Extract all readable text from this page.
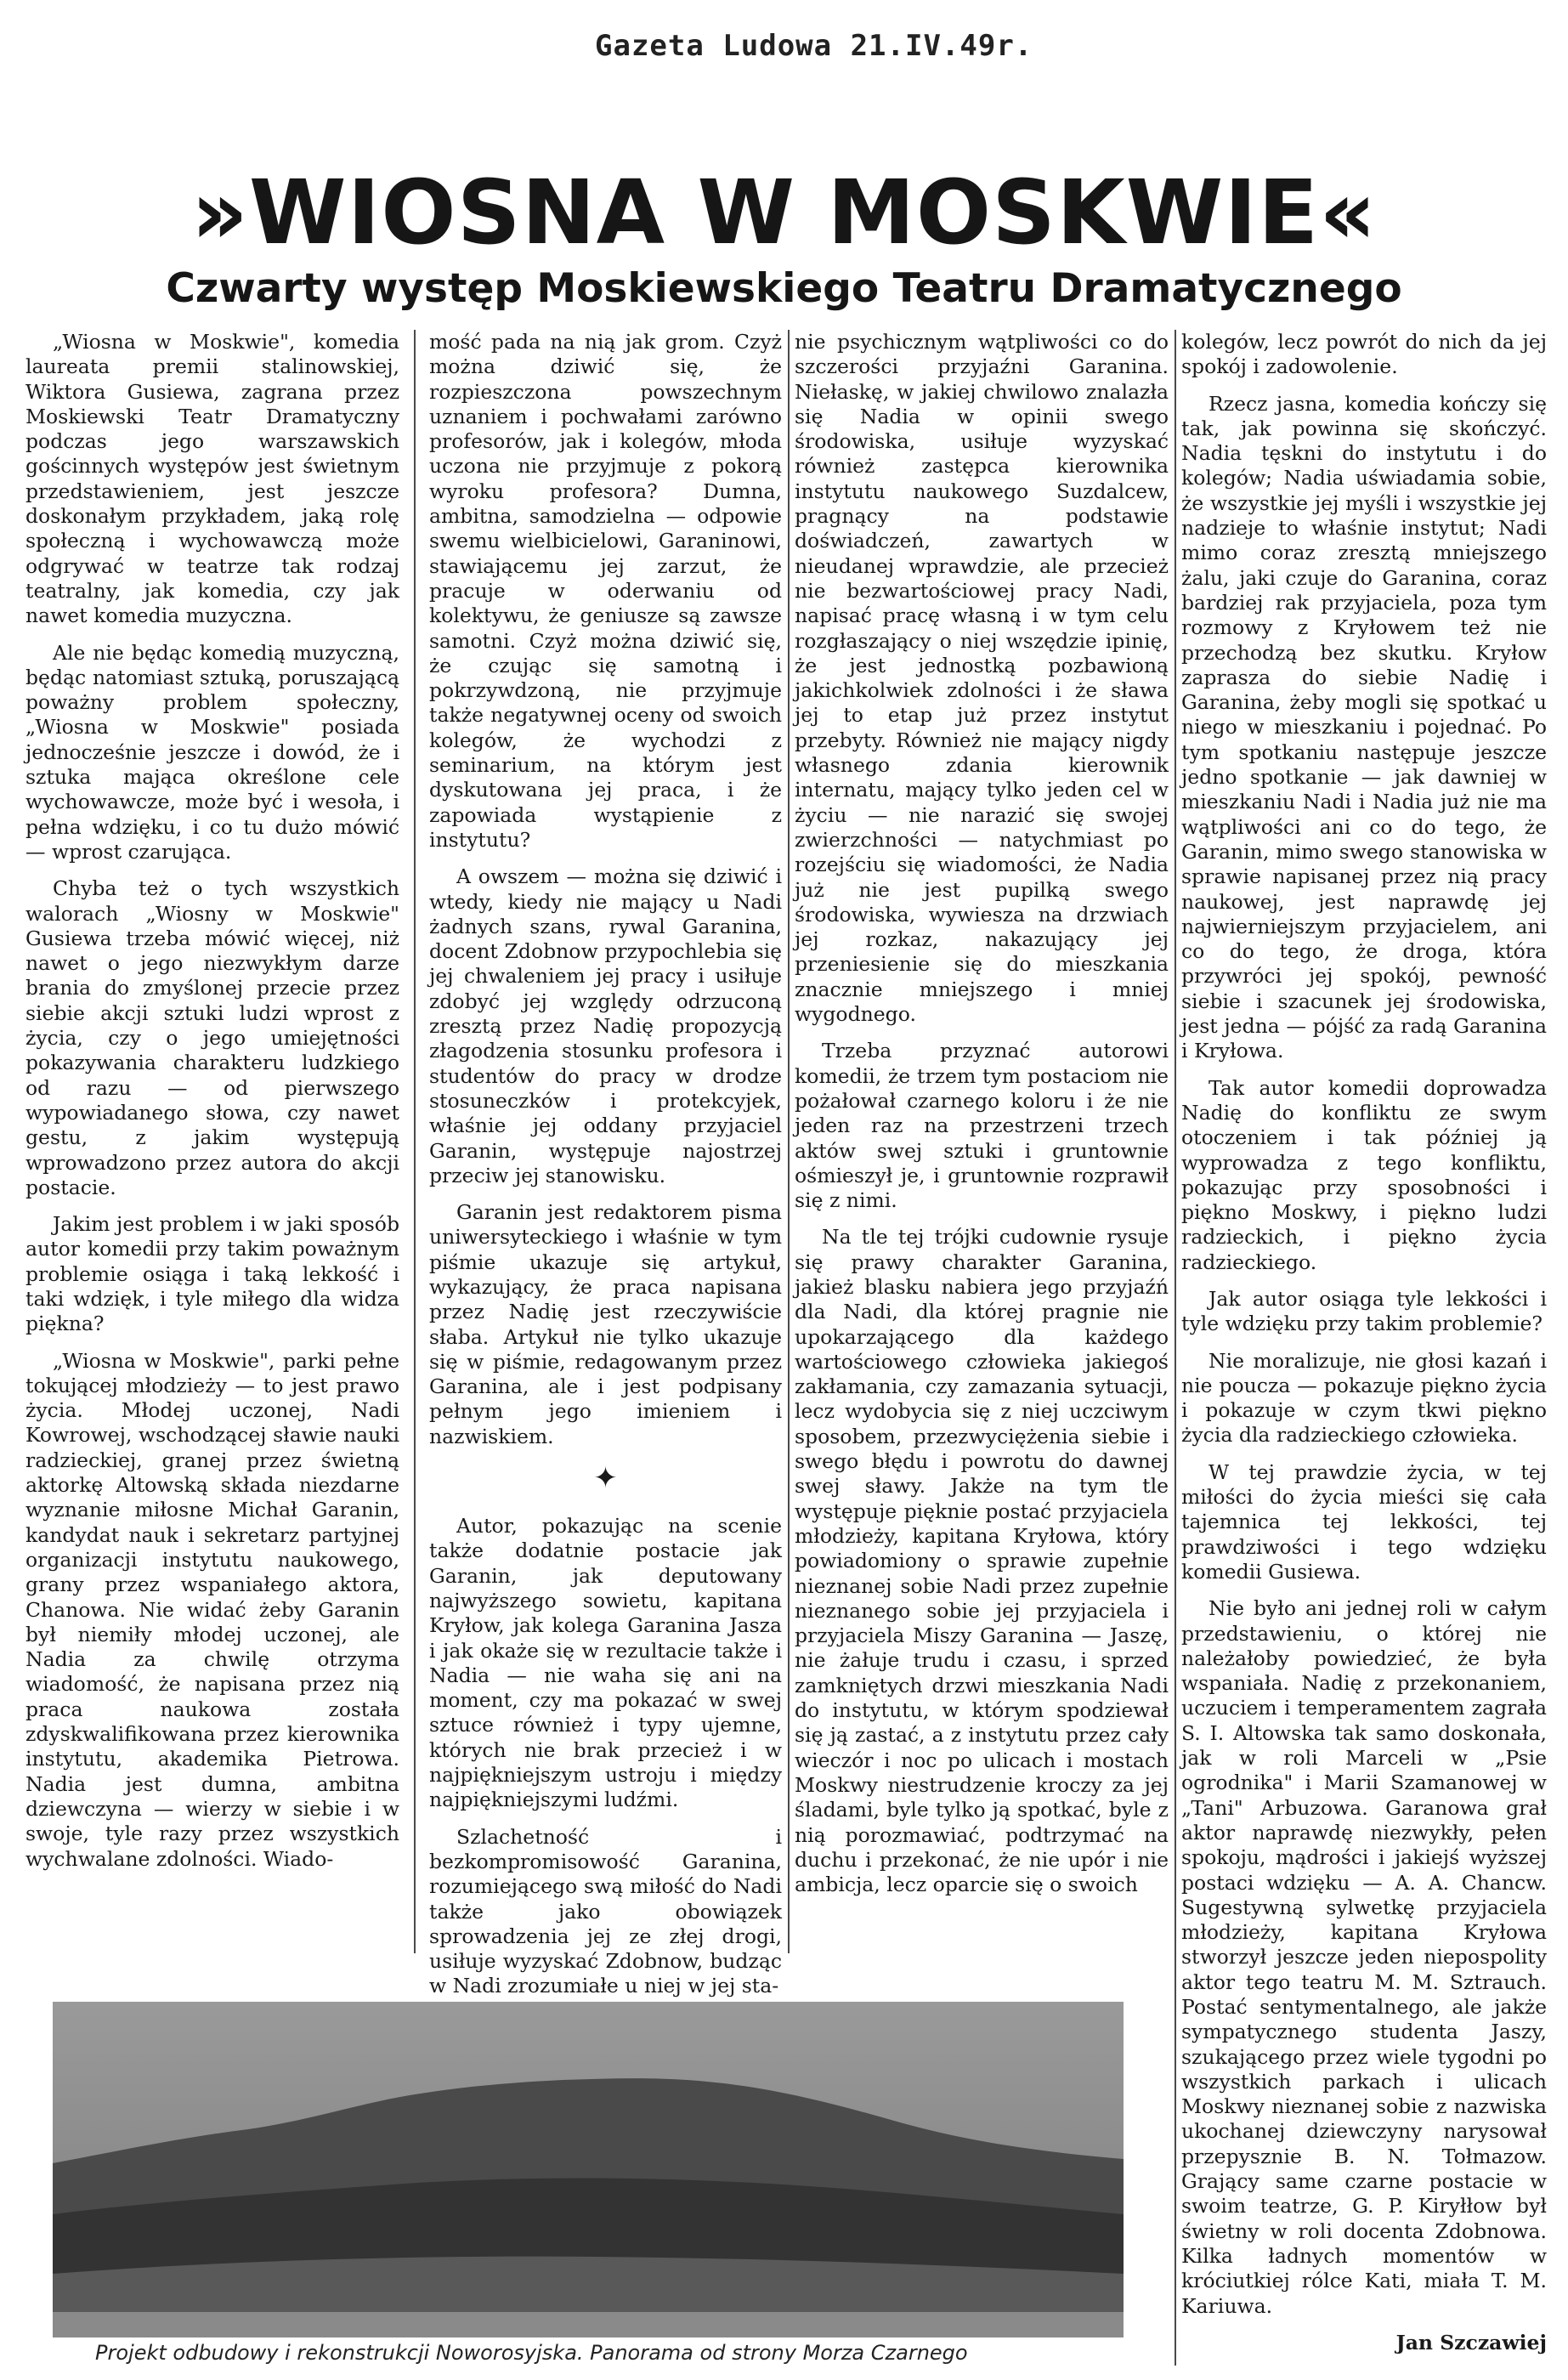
Gazeta Ludowa 21.IV.49r.
»WIOSNA W MOSKWIE«
Czwarty występ Moskiewskiego Teatru Dramatycznego

„Wiosna w Moskwie", komedia laureata premii stalinowskiej, Wiktora Gusiewa, zagrana przez Moskiewski Teatr Dramatyczny podczas jego warszawskich gościnnych występów jest świetnym przedstawieniem, jest jeszcze doskonałym przykładem, jaką rolę społeczną i wychowawczą może odgrywać w teatrze tak rodzaj teatralny, jak komedia, czy jak nawet komedia muzyczna.

Ale nie będąc komedią muzyczną, będąc natomiast sztuką, poruszającą poważny problem społeczny, „Wiosna w Moskwie" posiada jednocześnie jeszcze i dowód, że i sztuka mająca określone cele wychowawcze, może być i wesoła, i pełna wdzięku, i co tu dużo mówić — wprost czarująca.

Chyba też o tych wszystkich walorach „Wiosny w Moskwie" Gusiewa trzeba mówić więcej, niż nawet o jego niezwykłym darze brania do zmyślonej przecie przez siebie akcji sztuki ludzi wprost z życia, czy o jego umiejętności pokazywania charakteru ludzkiego od razu — od pierwszego wypowiadanego słowa, czy nawet gestu, z jakim występują wprowadzono przez autora do akcji postacie.

Jakim jest problem i w jaki sposób autor komedii przy takim poważnym problemie osiąga i taką lekkość i taki wdzięk, i tyle miłego dla widza piękna?

„Wiosna w Moskwie", parki pełne tokującej młodzieży — to jest prawo życia. Młodej uczonej, Nadi Kowrowej, wschodzącej sławie nauki radzieckiej, granej przez świetną aktorkę Altowską składa niezdarne wyznanie miłosne Michał Garanin, kandydat nauk i sekretarz partyjnej organizacji instytutu naukowego, grany przez wspaniałego aktora, Chanowa. Nie widać żeby Garanin był niemiły młodej uczonej, ale Nadia za chwilę otrzyma wiadomość, że napisana przez nią praca naukowa została zdyskwalifikowana przez kierownika instytutu, akademika Pietrowa. Nadia jest dumna, ambitna dziewczyna — wierzy w siebie i w swoje, tyle razy przez wszystkich wychwalane zdolności. Wiado-

mość pada na nią jak grom. Czyż można dziwić się, że rozpieszczona powszechnym uznaniem i pochwałami zarówno profesorów, jak i kolegów, młoda uczona nie przyjmuje z pokorą wyroku profesora? Dumna, ambitna, samodzielna — odpowie swemu wielbicielowi, Garaninowi, stawiającemu jej zarzut, że pracuje w oderwaniu od kolektywu, że geniusze są zawsze samotni. Czyż można dziwić się, że czując się samotną i pokrzywdzoną, nie przyjmuje także negatywnej oceny od swoich kolegów, że wychodzi z seminarium, na którym jest dyskutowana jej praca, i że zapowiada wystąpienie z instytutu?

A owszem — można się dziwić i wtedy, kiedy nie mający u Nadi żadnych szans, rywal Garanina, docent Zdobnow przypochlebia się jej chwaleniem jej pracy i usiłuje zdobyć jej względy odrzuconą zresztą przez Nadię propozycją złagodzenia stosunku profesora i studentów do pracy w drodze stosuneczków i protekcyjek, właśnie jej oddany przyjaciel Garanin, występuje najostrzej przeciw jej stanowisku.

Garanin jest redaktorem pisma uniwersyteckiego i właśnie w tym piśmie ukazuje się artykuł, wykazujący, że praca napisana przez Nadię jest rzeczywiście słaba. Artykuł nie tylko ukazuje się w piśmie, redagowanym przez Garanina, ale i jest podpisany pełnym jego imieniem i nazwiskiem.

✦

Autor, pokazując na scenie także dodatnie postacie jak Garanin, jak deputowany najwyższego sowietu, kapitana Kryłow, jak kolega Garanina Jasza i jak okaże się w rezultacie także i Nadia — nie waha się ani na moment, czy ma pokazać w swej sztuce również i typy ujemne, których nie brak przecież i w najpiękniejszym ustroju i między najpiękniejszymi ludźmi.

Szlachetność i bezkompromisowość Garanina, rozumiejącego swą miłość do Nadi także jako obowiązek sprowadzenia jej ze złej drogi, usiłuje wyzyskać Zdobnow, budząc w Nadi zrozumiałe u niej w jej sta-

nie psychicznym wątpliwości co do szczerości przyjaźni Garanina. Niełaskę, w jakiej chwilowo znalazła się Nadia w opinii swego środowiska, usiłuje wyzyskać również zastępca kierownika instytutu naukowego Suzdalcew, pragnący na podstawie doświadczeń, zawartych w nieudanej wprawdzie, ale przecież nie bezwartościowej pracy Nadi, napisać pracę własną i w tym celu rozgłaszający o niej wszędzie ipinię, że jest jednostką pozbawioną jakichkolwiek zdolności i że sława jej to etap już przez instytut przebyty. Również nie mający nigdy własnego zdania kierownik internatu, mający tylko jeden cel w życiu — nie narazić się swojej zwierzchności — natychmiast po rozejściu się wiadomości, że Nadia już nie jest pupilką swego środowiska, wywiesza na drzwiach jej rozkaz, nakazujący jej przeniesienie się do mieszkania znacznie mniejszego i mniej wygodnego.

Trzeba przyznać autorowi komedii, że trzem tym postaciom nie pożałował czarnego koloru i że nie jeden raz na przestrzeni trzech aktów swej sztuki i gruntownie ośmieszył je, i gruntownie rozprawił się z nimi.

Na tle tej trójki cudownie rysuje się prawy charakter Garanina, jakież blasku nabiera jego przyjaźń dla Nadi, dla której pragnie nie upokarzającego dla każdego wartościowego człowieka jakiegoś zakłamania, czy zamazania sytuacji, lecz wydobycia się z niej uczciwym sposobem, przezwyciężenia siebie i swego błędu i powrotu do dawnej swej sławy. Jakże na tym tle występuje pięknie postać przyjaciela młodzieży, kapitana Kryłowa, który powiadomiony o sprawie zupełnie nieznanej sobie Nadi przez zupełnie nieznanego sobie jej przyjaciela i przyjaciela Miszy Garanina — Jaszę, nie żałuje trudu i czasu, i sprzed zamkniętych drzwi mieszkania Nadi do instytutu, w którym spodziewał się ją zastać, a z instytutu przez cały wieczór i noc po ulicach i mostach Moskwy niestrudzenie kroczy za jej śladami, byle tylko ją spotkać, byle z nią porozmawiać, podtrzymać na duchu i przekonać, że nie upór i nie ambicja, lecz oparcie się o swoich

kolegów, lecz powrót do nich da jej spokój i zadowolenie.

Rzecz jasna, komedia kończy się tak, jak powinna się skończyć. Nadia tęskni do instytutu i do kolegów; Nadia uświadamia sobie, że wszystkie jej myśli i wszystkie jej nadzieje to właśnie instytut; Nadi mimo coraz zresztą mniejszego żalu, jaki czuje do Garanina, coraz bardziej rak przyjaciela, poza tym rozmowy z Kryłowem też nie przechodzą bez skutku. Kryłow zaprasza do siebie Nadię i Garanina, żeby mogli się spotkać u niego w mieszkaniu i pojednać. Po tym spotkaniu następuje jeszcze jedno spotkanie — jak dawniej w mieszkaniu Nadi i Nadia już nie ma wątpliwości ani co do tego, że Garanin, mimo swego stanowiska w sprawie napisanej przez nią pracy naukowej, jest naprawdę jej najwierniejszym przyjacielem, ani co do tego, że droga, która przywróci jej spokój, pewność siebie i szacunek jej środowiska, jest jedna — pójść za radą Garanina i Kryłowa.

Tak autor komedii doprowadza Nadię do konfliktu ze swym otoczeniem i tak później ją wyprowadza z tego konfliktu, pokazując przy sposobności i piękno Moskwy, i piękno ludzi radzieckich, i piękno życia radzieckiego.

Jak autor osiąga tyle lekkości i tyle wdzięku przy takim problemie?

Nie moralizuje, nie głosi kazań i nie poucza — pokazuje piękno życia i pokazuje w czym tkwi piękno życia dla radzieckiego człowieka.

W tej prawdzie życia, w tej miłości do życia mieści się cała tajemnica tej lekkości, tej prawdziwości i tego wdzięku komedii Gusiewa.

Nie było ani jednej roli w całym przedstawieniu, o której nie należałoby powiedzieć, że była wspaniała. Nadię z przekonaniem, uczuciem i temperamentem zagrała S. I. Altowska tak samo doskonała, jak w roli Marceli w „Psie ogrodnika" i Marii Szamanowej w „Tani" Arbuzowa. Garanowa grał aktor naprawdę niezwykły, pełen spokoju, mądrości i jakiejś wyższej postaci wdzięku — A. A. Chancw. Sugestywną sylwetkę przyjaciela młodzieży, kapitana Kryłowa stworzył jeszcze jeden niepospolity aktor tego teatru M. M. Sztrauch. Postać sentymentalnego, ale jakże sympatycznego studenta Jaszy, szukającego przez wiele tygodni po wszystkich parkach i ulicach Moskwy nieznanej sobie z nazwiska ukochanej dziewczyny narysował przepysznie B. N. Tołmazow. Grający same czarne postacie w swoim teatrze, G. P. Kiryłłow był świetny w roli docenta Zdobnowa. Kilka ładnych momentów w króciutkiej rólce Kati, miała T. M. Kariuwa.

Jan Szczawiej

Projekt odbudowy i rekonstrukcji Noworosyjska. Panorama od strony Morza Czarnego
